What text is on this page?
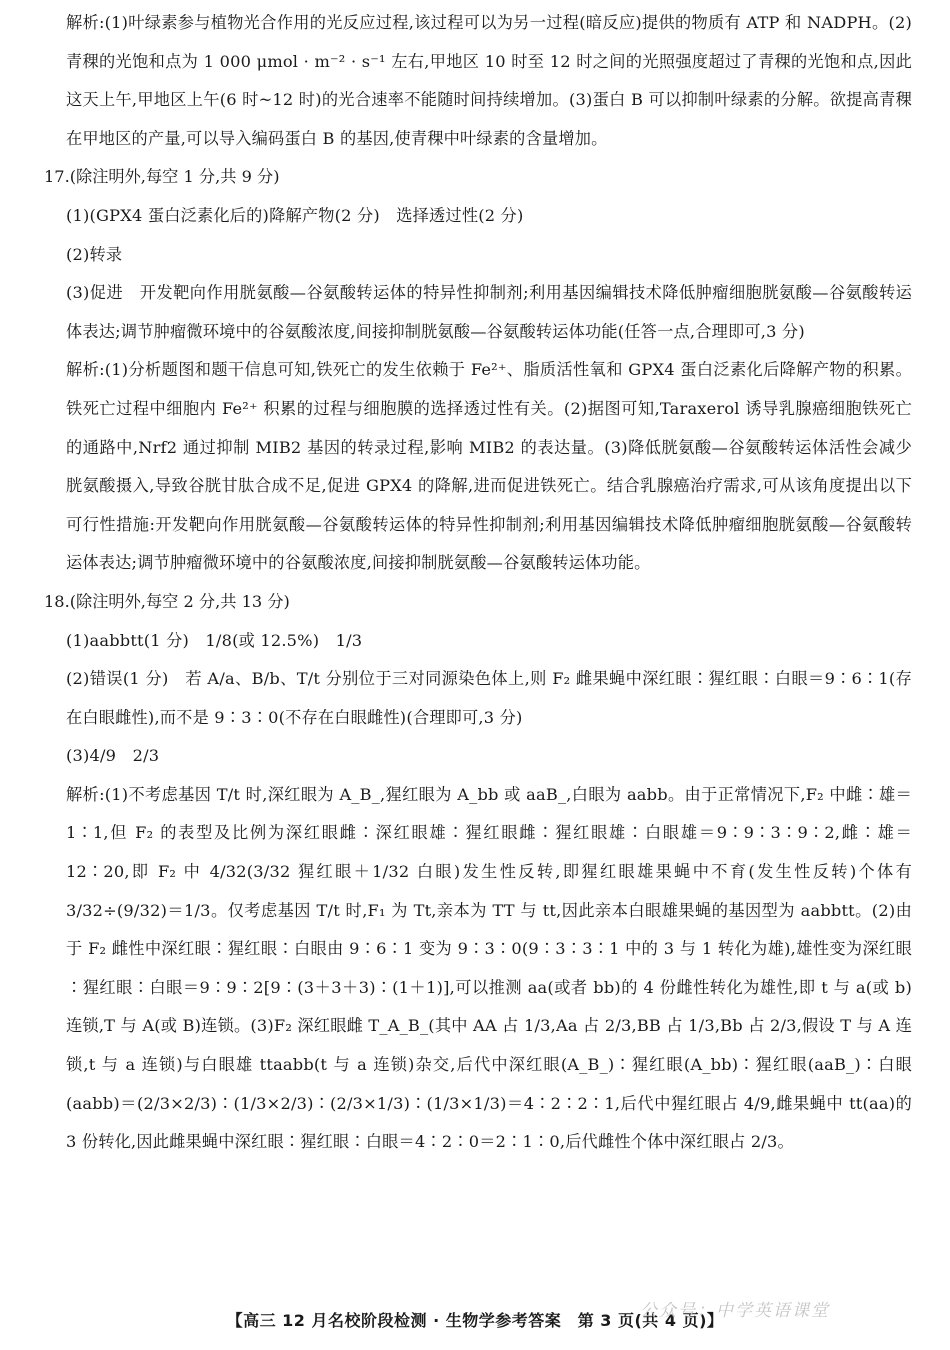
解析:(1)叶绿素参与植物光合作用的光反应过程,该过程可以为另一过程(暗反应)提供的物质有 ATP 和 NADPH。(2)青稞的光饱和点为 1 000 μmol · m⁻² · s⁻¹ 左右,甲地区 10 时至 12 时之间的光照强度超过了青稞的光饱和点,因此这天上午,甲地区上午(6 时~12 时)的光合速率不能随时间持续增加。(3)蛋白 B 可以抑制叶绿素的分解。欲提高青稞在甲地区的产量,可以导入编码蛋白 B 的基因,使青稞中叶绿素的含量增加。

17.(除注明外,每空 1 分,共 9 分)

(1)(GPX4 蛋白泛素化后的)降解产物(2 分)　选择透过性(2 分)

(2)转录

(3)促进　开发靶向作用胱氨酸—谷氨酸转运体的特异性抑制剂;利用基因编辑技术降低肿瘤细胞胱氨酸—谷氨酸转运体表达;调节肿瘤微环境中的谷氨酸浓度,间接抑制胱氨酸—谷氨酸转运体功能(任答一点,合理即可,3 分)

解析:(1)分析题图和题干信息可知,铁死亡的发生依赖于 Fe²⁺、脂质活性氧和 GPX4 蛋白泛素化后降解产物的积累。铁死亡过程中细胞内 Fe²⁺ 积累的过程与细胞膜的选择透过性有关。(2)据图可知,Taraxerol 诱导乳腺癌细胞铁死亡的通路中,Nrf2 通过抑制 MIB2 基因的转录过程,影响 MIB2 的表达量。(3)降低胱氨酸—谷氨酸转运体活性会减少胱氨酸摄入,导致谷胱甘肽合成不足,促进 GPX4 的降解,进而促进铁死亡。结合乳腺癌治疗需求,可从该角度提出以下可行性措施:开发靶向作用胱氨酸—谷氨酸转运体的特异性抑制剂;利用基因编辑技术降低肿瘤细胞胱氨酸—谷氨酸转运体表达;调节肿瘤微环境中的谷氨酸浓度,间接抑制胱氨酸—谷氨酸转运体功能。

18.(除注明外,每空 2 分,共 13 分)

(1)aabbtt(1 分)　1/8(或 12.5%)　1/3

(2)错误(1 分)　若 A/a、B/b、T/t 分别位于三对同源染色体上,则 F₂ 雌果蝇中深红眼∶猩红眼∶白眼＝9∶6∶1(存在白眼雌性),而不是 9∶3∶0(不存在白眼雌性)(合理即可,3 分)

(3)4/9　2/3

解析:(1)不考虑基因 T/t 时,深红眼为 A_B_,猩红眼为 A_bb 或 aaB_,白眼为 aabb。由于正常情况下,F₂ 中雌∶雄＝1∶1,但 F₂ 的表型及比例为深红眼雌∶深红眼雄∶猩红眼雌∶猩红眼雄∶白眼雄＝9∶9∶3∶9∶2,雌∶雄＝12∶20,即 F₂ 中 4/32(3/32 猩红眼＋1/32 白眼)发生性反转,即猩红眼雄果蝇中不育(发生性反转)个体有 3/32÷(9/32)＝1/3。仅考虑基因 T/t 时,F₁ 为 Tt,亲本为 TT 与 tt,因此亲本白眼雄果蝇的基因型为 aabbtt。(2)由于 F₂ 雌性中深红眼∶猩红眼∶白眼由 9∶6∶1 变为 9∶3∶0(9∶3∶3∶1 中的 3 与 1 转化为雄),雄性变为深红眼∶猩红眼∶白眼＝9∶9∶2[9∶(3＋3＋3)∶(1＋1)],可以推测 aa(或者 bb)的 4 份雌性转化为雄性,即 t 与 a(或 b)连锁,T 与 A(或 B)连锁。(3)F₂ 深红眼雌 T_A_B_(其中 AA 占 1/3,Aa 占 2/3,BB 占 1/3,Bb 占 2/3,假设 T 与 A 连锁,t 与 a 连锁)与白眼雄 ttaabb(t 与 a 连锁)杂交,后代中深红眼(A_B_)∶猩红眼(A_bb)∶猩红眼(aaB_)∶白眼(aabb)＝(2/3×2/3)∶(1/3×2/3)∶(2/3×1/3)∶(1/3×1/3)＝4∶2∶2∶1,后代中猩红眼占 4/9,雌果蝇中 tt(aa)的 3 份转化,因此雌果蝇中深红眼∶猩红眼∶白眼＝4∶2∶0＝2∶1∶0,后代雌性个体中深红眼占 2/3。

【高三 12 月名校阶段检测 · 生物学参考答案　第 3 页(共 4 页)】
公众号：中学英语课堂
